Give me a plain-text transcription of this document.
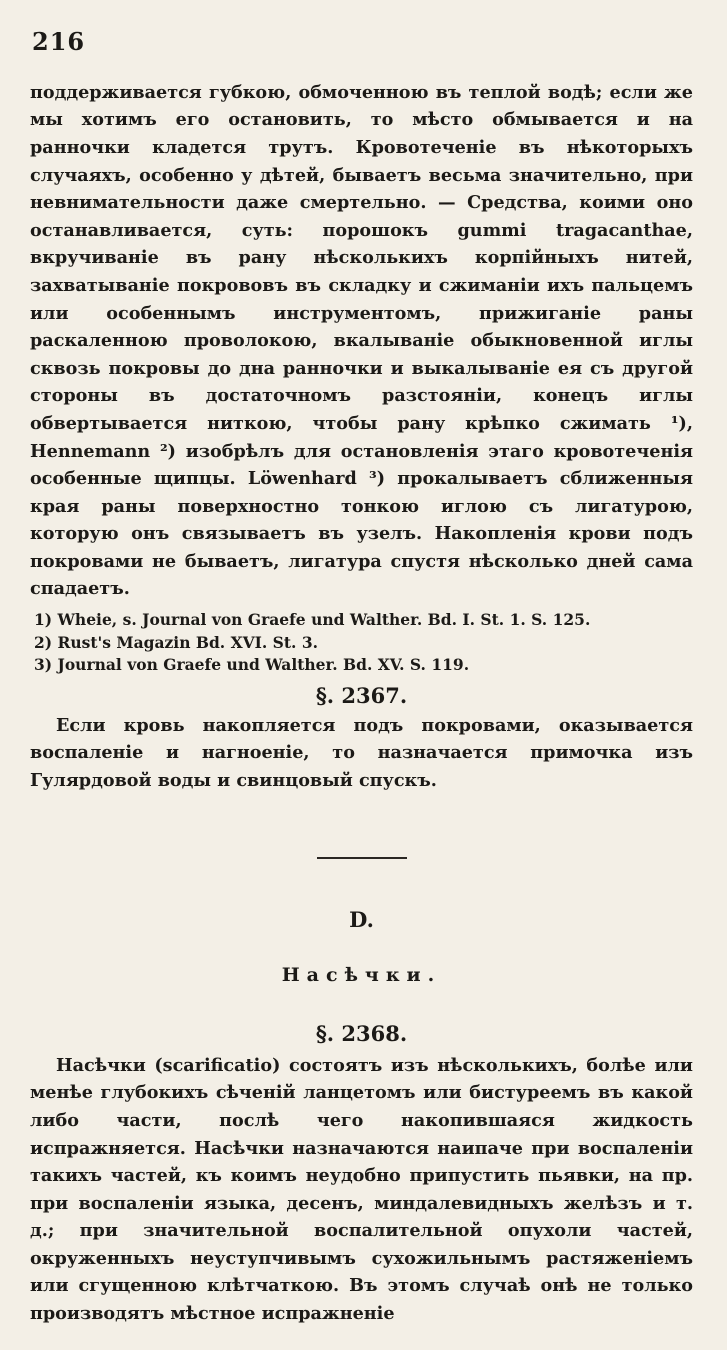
216

поддерживается губкою, обмоченною въ теплой водѣ; если же мы хотимъ его остановить, то мѣсто обмывается и на ранночки кладется трутъ. Кровотеченіе въ нѣкоторыхъ случаяхъ, особенно у дѣтей, бываетъ весьма значительно, при невнимательности даже смертельно. — Средства, коими оно останавливается, суть: порошокъ gummi tragacanthae, вкручиваніе въ рану нѣсколькихъ корпійныхъ нитей, захватываніе покрововъ въ складку и сжиманіи ихъ пальцемъ или особеннымъ инструментомъ, прижиганіе раны раскаленною проволокою, вкалываніе обыкновенной иглы сквозь покровы до дна ранночки и выкалываніе ея съ другой стороны въ достаточномъ разстояніи, конецъ иглы обвертывается ниткою, чтобы рану крѣпко сжимать ¹), Hennemann ²) изобрѣлъ для остановленія этаго кровотеченія особенные щипцы. Löwenhard ³) прокалываетъ сближенныя края раны поверхностно тонкою иглою съ лигатурою, которую онъ связываетъ въ узелъ. Накопленія крови подъ покровами не бываетъ, лигатура спустя нѣсколько дней сама спадаетъ.

1) Wheie, s. Journal von Graefe und Walther. Bd. I. St. 1. S. 125.
2) Rust's Magazin Bd. XVI. St. 3.
3) Journal von Graefe und Walther. Bd. XV. S. 119.
§. 2367.

Если кровь накопляется подъ покровами, оказывается воспаленіе и нагноеніе, то назначается примочка изъ Гулярдовой воды и свинцовый спускъ.

D.
Насѣчки.
§. 2368.

Насѣчки (scarificatio) состоятъ изъ нѣсколькихъ, болѣе или менѣе глубокихъ сѣченій ланцетомъ или бистуреемъ въ какой либо части, послѣ чего накопившаяся жидкость испражняется. Насѣчки назначаются наипаче при воспаленіи такихъ частей, къ коимъ неудобно припустить пьявки, на пр. при воспаленіи языка, десенъ, миндалевидныхъ желѣзъ и т. д.; при значительной воспалительной опухоли частей, окруженныхъ неуступчивымъ сухожильнымъ растяженіемъ или сгущенною клѣтчаткою. Въ этомъ случаѣ онѣ не только производятъ мѣстное испражненіе
